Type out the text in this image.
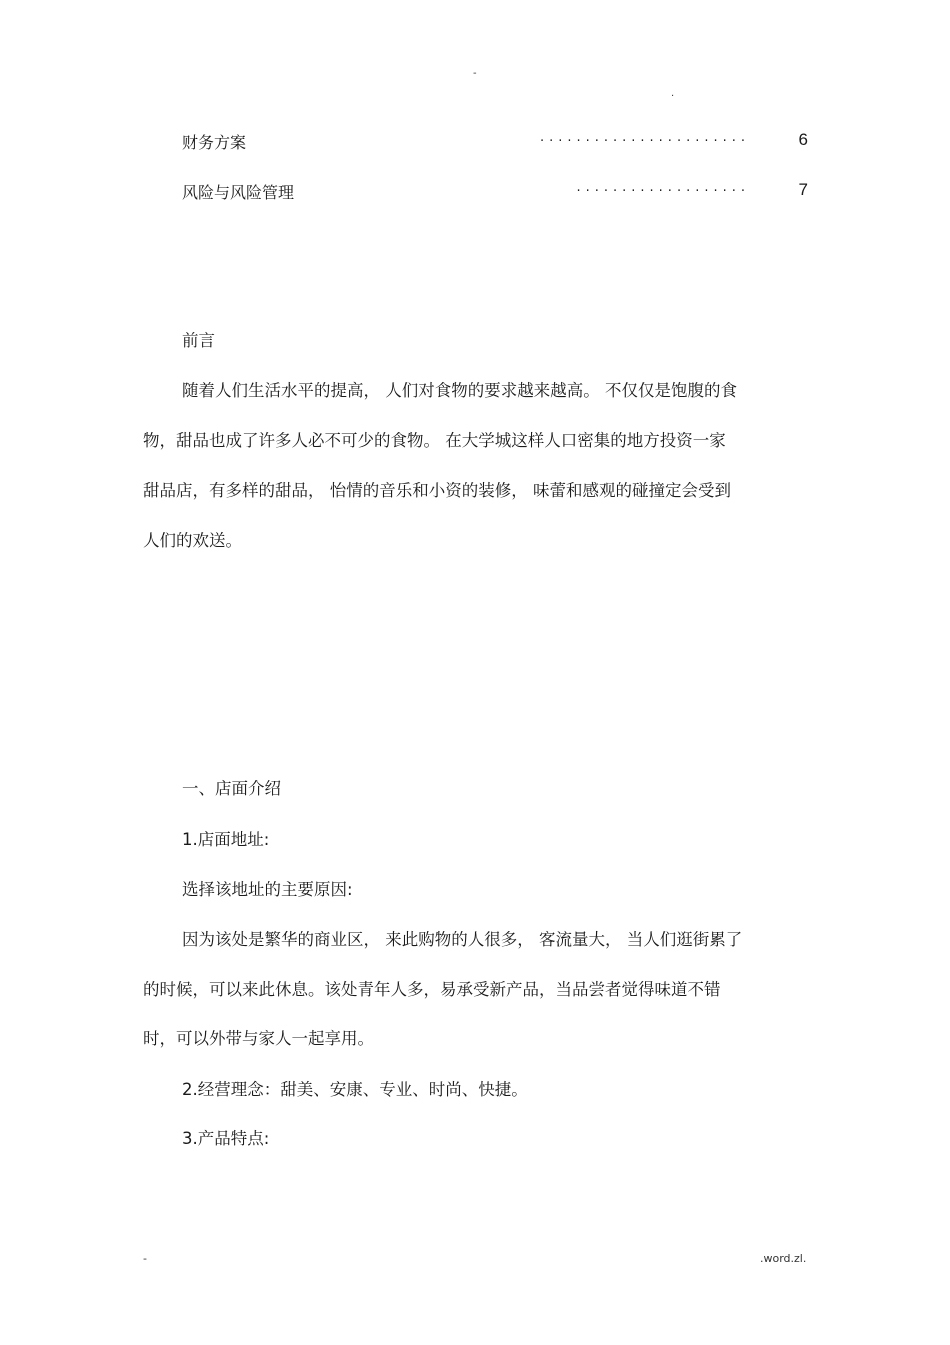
-
.
财务方案	·······················	6
风险与风险管理	···················	7
前言
随着人们生活水平的提高， 人们对食物的要求越来越高。 不仅仅是饱腹的食
物，甜品也成了许多人必不可少的食物。 在大学城这样人口密集的地方投资一家
甜品店，有多样的甜品， 怡情的音乐和小资的装修， 味蕾和感观的碰撞定会受到
人们的欢送。
一、店面介绍
1.店面地址:
选择该地址的主要原因:
因为该处是繁华的商业区， 来此购物的人很多， 客流量大， 当人们逛街累了
的时候，可以来此休息。该处青年人多，易承受新产品，当品尝者觉得味道不错
时，可以外带与家人一起享用。
2.经营理念：甜美、安康、专业、时尚、快捷。
3.产品特点:
-	.word.zl.
